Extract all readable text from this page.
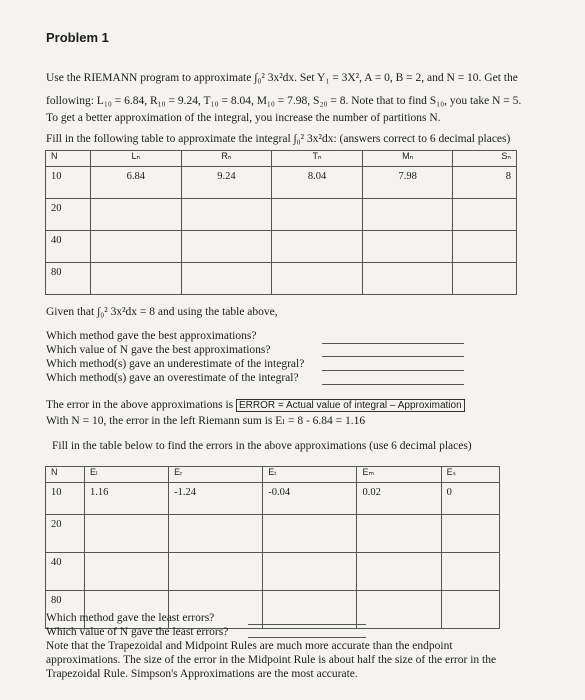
Problem 1
Use the RIEMANN program to approximate ∫₀² 3x²dx. Set Y₁ = 3X², A = 0, B = 2, and N = 10. Get the
following: L₁₀ = 6.84, R₁₀ = 9.24, T₁₀ = 8.04, M₁₀ = 7.98, S₂₀ = 8. Note that to find S₁₀, you take N = 5.
To get a better approximation of the integral, you increase the number of partitions N.
Fill in the following table to approximate the integral ∫₀² 3x²dx: (answers correct to 6 decimal places)
N	Lₙ	Rₙ	Tₙ	Mₙ	Sₙ
10	6.84	9.24	8.04	7.98	8
20					
40					
80					
Given that ∫₀² 3x²dx = 8 and using the table above,
Which method gave the best approximations?
Which value of N gave the best approximations?
Which method(s) gave an underestimate of the integral?
Which method(s) gave an overestimate of the integral?
The error in the above approximations is ERROR = Actual value of integral – Approximation
With N = 10, the error in the left Riemann sum is Eₗ = 8 - 6.84 = 1.16
Fill in the table below to find the errors in the above approximations (use 6 decimal places)
N	Eₗ	Eᵣ	Eₜ	Eₘ	Eₛ
10	1.16	-1.24	-0.04	0.02	0
20					
40					
80					
Which method gave the least errors?
Which value of N gave the least errors?
Note that the Trapezoidal and Midpoint Rules are much more accurate than the endpoint
approximations. The size of the error in the Midpoint Rule is about half the size of the error in the
Trapezoidal Rule. Simpson's Approximations are the most accurate.
